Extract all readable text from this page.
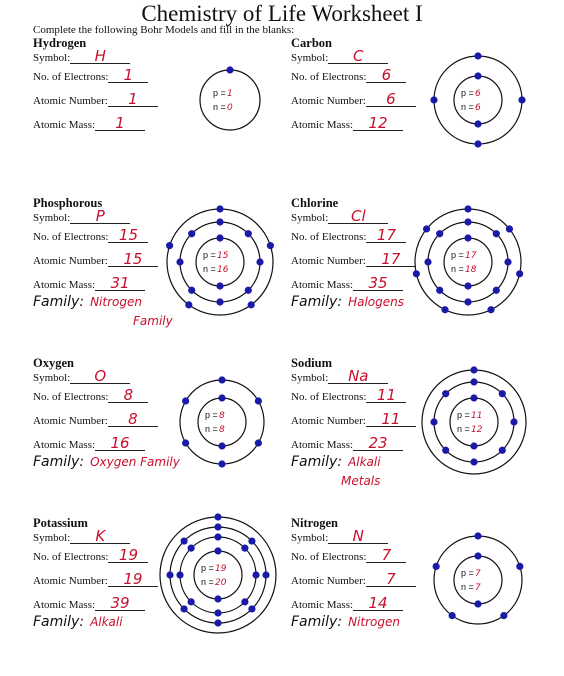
Chemistry of Life Worksheet I
Complete the following Bohr Models and fill in the blanks:
Hydrogen
Symbol: H
No. of Electrons: 1
Atomic Number: 1
Atomic Mass: 1
Carbon
Symbol: C
No. of Electrons: 6
Atomic Number: 6
Atomic Mass: 12
Phosphorous
Symbol: P
No. of Electrons: 15
Atomic Number: 15
Atomic Mass: 31
Family: Nitrogen
Family
Chlorine
Symbol: Cl
No. of Electrons: 17
Atomic Number: 17
Atomic Mass: 35
Family: Halogens
Oxygen
Symbol: O
No. of Electrons: 8
Atomic Number: 8
Atomic Mass: 16
Family: Oxygen Family
Sodium
Symbol: Na
No. of Electrons: 11
Atomic Number: 11
Atomic Mass: 23
Family: Alkali
Metals
Potassium
Symbol: K
No. of Electrons: 19
Atomic Number: 19
Atomic Mass: 39
Family: Alkali
Nitrogen
Symbol: N
No. of Electrons: 7
Atomic Number: 7
Atomic Mass: 14
Family: Nitrogen
p = 1
n = 0
p = 6
n = 6
p = 15
n = 16
p = 17
n = 18
p = 8
n = 8
p = 11
n = 12
p = 19
n = 20
p = 7
n = 7
